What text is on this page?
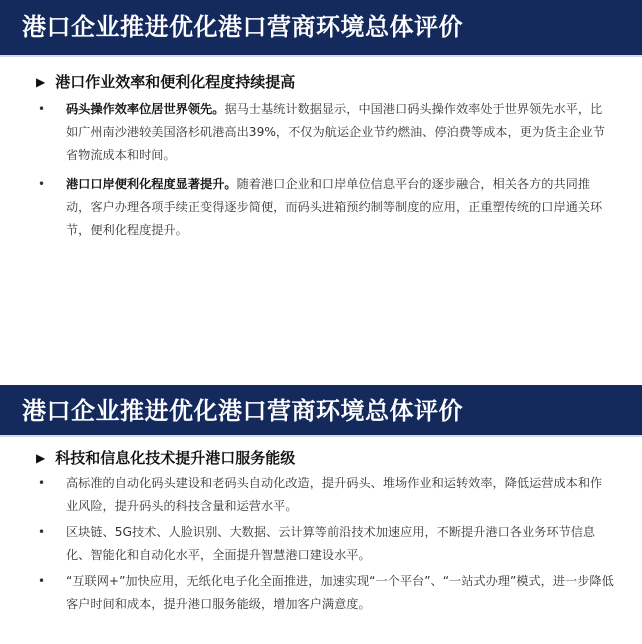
港口企业推进优化港口营商环境总体评价
▶ 港口作业效率和便利化程度持续提高
• 码头操作效率位居世界领先。据马士基统计数据显示，中国港口码头操作效率处于世界领先水平，比如广州南沙港较美国洛杉矶港高出39%，不仅为航运企业节约燃油、停泊费等成本，更为货主企业节省物流成本和时间。
• 港口口岸便利化程度显著提升。随着港口企业和口岸单位信息平台的逐步融合，相关各方的共同推动，客户办理各项手续正变得逐步简便，而码头进箱预约制等制度的应用，正重塑传统的口岸通关环节，便利化程度提升。
港口企业推进优化港口营商环境总体评价
▶ 科技和信息化技术提升港口服务能级
• 高标准的自动化码头建设和老码头自动化改造，提升码头、堆场作业和运转效率，降低运营成本和作业风险，提升码头的科技含量和运营水平。
• 区块链、5G技术、人脸识别、大数据、云计算等前沿技术加速应用，不断提升港口各业务环节信息化、智能化和自动化水平，全面提升智慧港口建设水平。
• “互联网+”加快应用，无纸化电子化全面推进，加速实现“一个平台”、“一站式办理”模式，进一步降低客户时间和成本，提升港口服务能级，增加客户满意度。
